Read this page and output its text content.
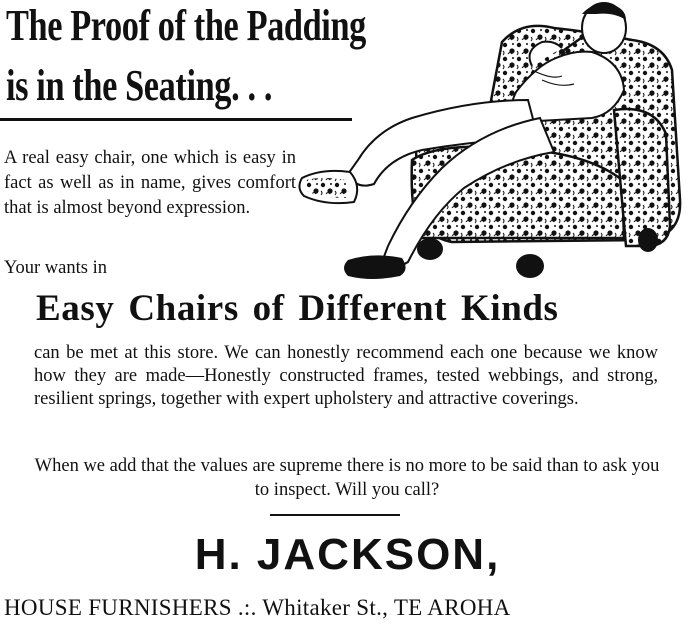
The Proof of the Padding
is in the Seating. . .

A real easy chair, one which is easy in fact as well as in name, gives comfort that is almost beyond expression.

Your wants in

Easy Chairs of Different Kinds

can be met at this store. We can honestly recommend each one because we know how they are made—Honestly constructed frames, tested webbings, and strong, resilient springs, together with expert upholstery and attractive coverings.

When we add that the values are supreme there is no more to be said than to ask you to inspect. Will you call?

H. JACKSON,

HOUSE FURNISHERS .:. Whitaker St., TE AROHA
